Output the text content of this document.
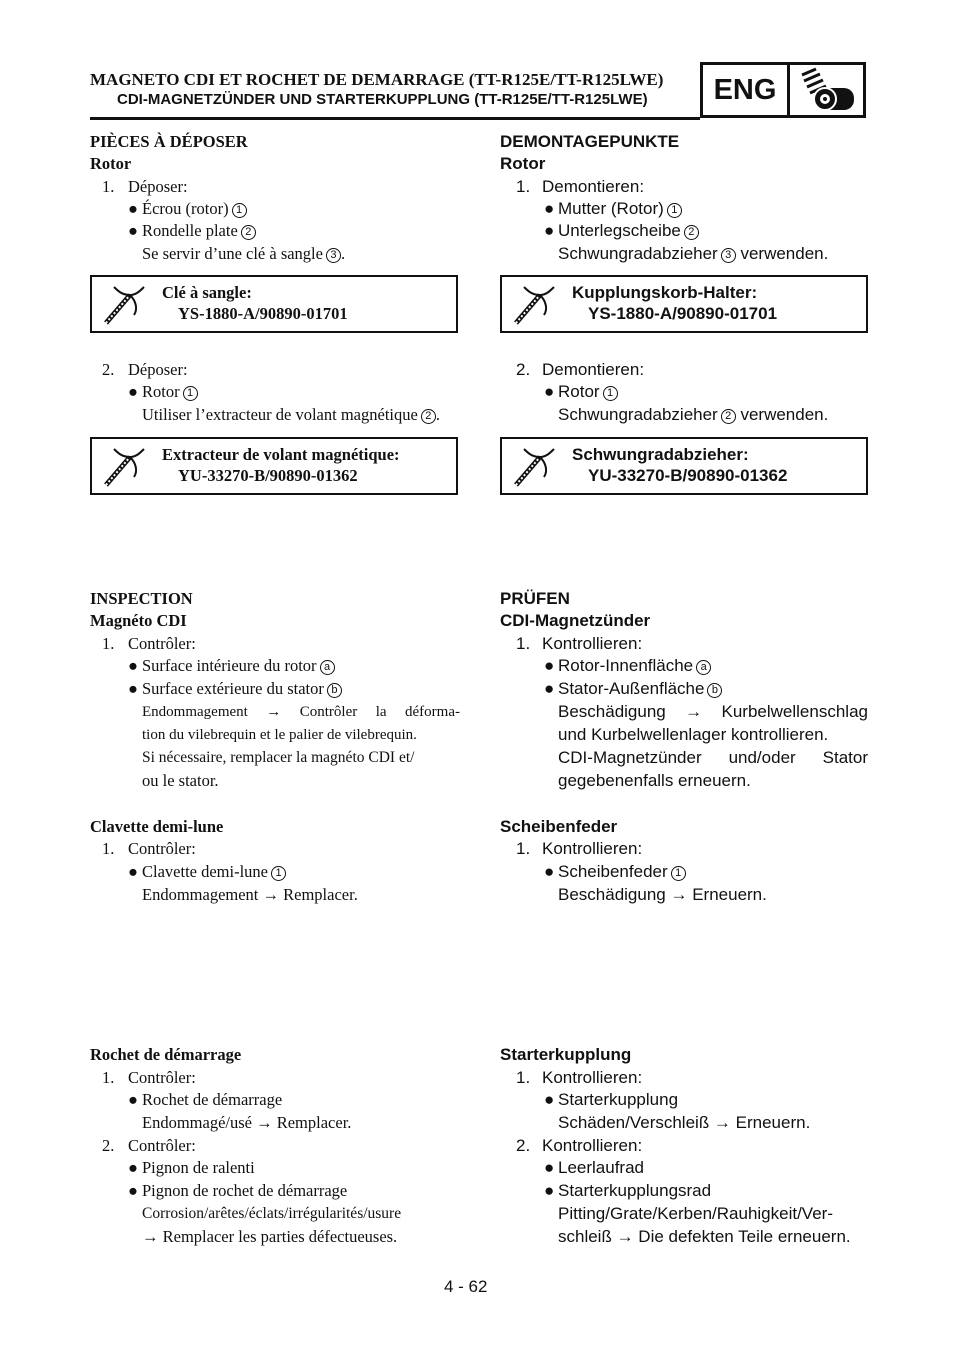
MAGNETO CDI ET ROCHET DE DEMARRAGE (TT-R125E/TT-R125LWE)
CDI-MAGNETZÜNDER UND STARTERKUPPLUNG (TT-R125E/TT-R125LWE)	ENG
PIÈCES À DÉPOSER
Rotor
1. Déposer:
● Écrou (rotor) 1
● Rondelle plate 2
Se servir d’une clé à sangle 3 .
Clé à sangle:
YS-1880-A/90890-01701
2. Déposer:
● Rotor 1
Utiliser l’extracteur de volant magnétique 2 .
Extracteur de volant magnétique:
YU-33270-B/90890-01362
INSPECTION
Magnéto CDI
1. Contrôler:
● Surface intérieure du rotor a
● Surface extérieure du stator b
Endommagement → Contrôler la déforma-
tion du vilebrequin et le palier de vilebrequin.
Si nécessaire, remplacer la magnéto CDI et/
ou le stator.
Clavette demi-lune
1. Contrôler:
● Clavette demi-lune 1
Endommagement → Remplacer.
Rochet de démarrage
1. Contrôler:
● Rochet de démarrage
Endommagé/usé → Remplacer.
2. Contrôler:
● Pignon de ralenti
● Pignon de rochet de démarrage
Corrosion/arêtes/éclats/irrégularités/usure
→ Remplacer les parties défectueuses.
DEMONTAGEPUNKTE
Rotor
1. Demontieren:
● Mutter (Rotor) 1
● Unterlegscheibe 2
Schwungradabzieher 3 verwenden.
Kupplungskorb-Halter:
YS-1880-A/90890-01701
2. Demontieren:
● Rotor 1
Schwungradabzieher 2 verwenden.
Schwungradabzieher:
YU-33270-B/90890-01362
PRÜFEN
CDI-Magnetzünder
1. Kontrollieren:
● Rotor-Innenfläche a
● Stator-Außenfläche b
Beschädigung → Kurbelwellenschlag
und Kurbelwellenlager kontrollieren.
CDI-Magnetzünder und/oder Stator
gegebenenfalls erneuern.
Scheibenfeder
1. Kontrollieren:
● Scheibenfeder 1
Beschädigung → Erneuern.
Starterkupplung
1. Kontrollieren:
● Starterkupplung
Schäden/Verschleiß → Erneuern.
2. Kontrollieren:
● Leerlaufrad
● Starterkupplungsrad
Pitting/Grate/Kerben/Rauhigkeit/Ver-
schleiß → Die defekten Teile erneuern.
4 - 62
